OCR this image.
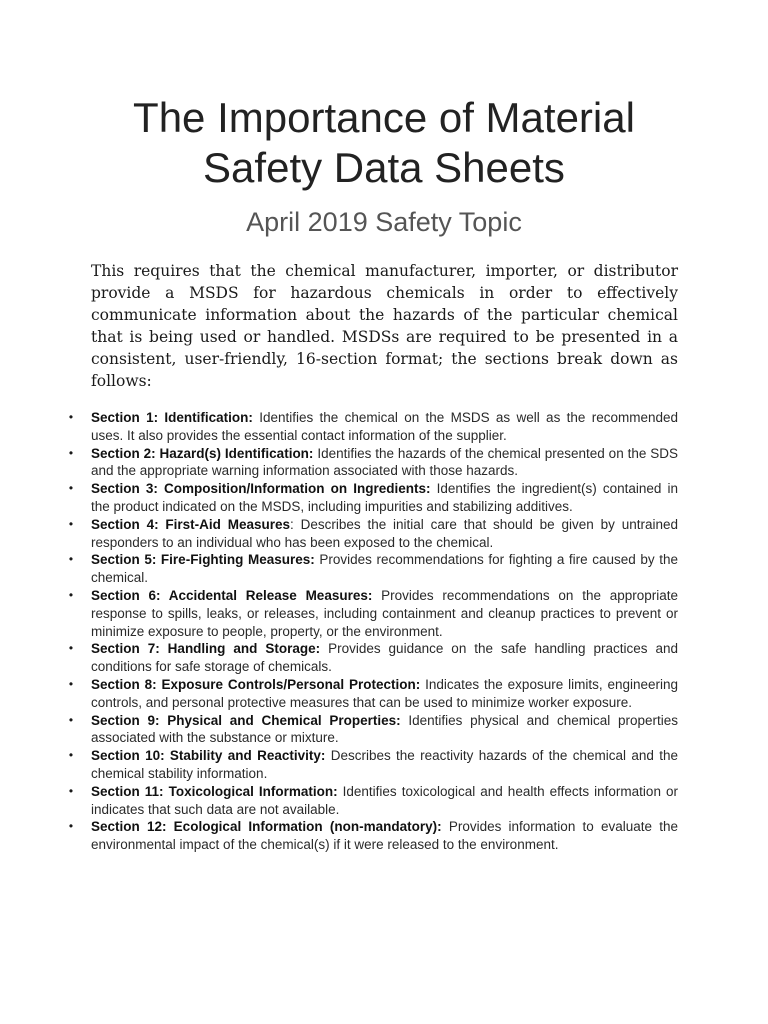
The Importance of Material
Safety Data Sheets
April 2019 Safety Topic

This requires that the chemical manufacturer, importer, or distributor provide a MSDS for hazardous chemicals in order to effectively communicate information about the hazards of the particular chemical that is being used or handled. MSDSs are required to be presented in a consistent, user-friendly, 16-section format; the sections break down as follows:

• Section 1: Identification: Identifies the chemical on the MSDS as well as the recommended uses. It also provides the essential contact information of the supplier.
• Section 2: Hazard(s) Identification: Identifies the hazards of the chemical presented on the SDS and the appropriate warning information associated with those hazards.
• Section 3: Composition/Information on Ingredients: Identifies the ingredient(s) contained in the product indicated on the MSDS, including impurities and stabilizing additives.
• Section 4: First-Aid Measures: Describes the initial care that should be given by untrained responders to an individual who has been exposed to the chemical.
• Section 5: Fire-Fighting Measures: Provides recommendations for fighting a fire caused by the chemical.
• Section 6: Accidental Release Measures: Provides recommendations on the appropriate response to spills, leaks, or releases, including containment and cleanup practices to prevent or minimize exposure to people, property, or the environment.
• Section 7: Handling and Storage: Provides guidance on the safe handling practices and conditions for safe storage of chemicals.
• Section 8: Exposure Controls/Personal Protection: Indicates the exposure limits, engineering controls, and personal protective measures that can be used to minimize worker exposure.
• Section 9: Physical and Chemical Properties: Identifies physical and chemical properties associated with the substance or mixture.
• Section 10: Stability and Reactivity: Describes the reactivity hazards of the chemical and the chemical stability information.
• Section 11: Toxicological Information: Identifies toxicological and health effects information or indicates that such data are not available.
• Section 12: Ecological Information (non-mandatory): Provides information to evaluate the environmental impact of the chemical(s) if it were released to the environment.
